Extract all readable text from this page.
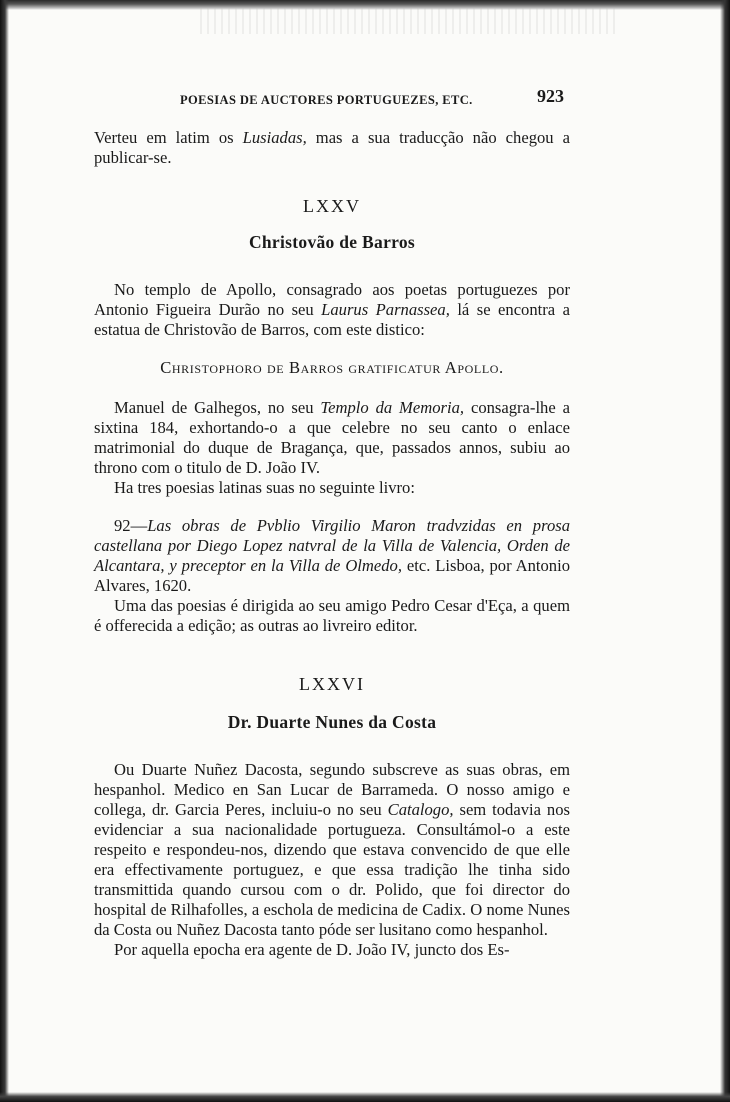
POESIAS DE AUCTORES PORTUGUEZES, ETC.	923

Verteu em latim os Lusiadas, mas a sua traducção não chegou a publicar-se.

LXXV
Christovão de Barros

No templo de Apollo, consagrado aos poetas portuguezes por Antonio Figueira Durão no seu Laurus Parnassea, lá se encontra a estatua de Christovão de Barros, com este distico:

Christophoro de Barros gratificatur Apollo.

Manuel de Galhegos, no seu Templo da Memoria, consagra-lhe a sixtina 184, exhortando-o a que celebre no seu canto o enlace matrimonial do duque de Bragança, que, passados annos, subiu ao throno com o titulo de D. João IV.

Ha tres poesias latinas suas no seguinte livro:

92—Las obras de Pvblio Virgilio Maron tradvzidas en prosa castellana por Diego Lopez natvral de la Villa de Valencia, Orden de Alcantara, y preceptor en la Villa de Olmedo, etc. Lisboa, por Antonio Alvares, 1620.

Uma das poesias é dirigida ao seu amigo Pedro Cesar d'Eça, a quem é offerecida a edição; as outras ao livreiro editor.

LXXVI
Dr. Duarte Nunes da Costa

Ou Duarte Nuñez Dacosta, segundo subscreve as suas obras, em hespanhol. Medico en San Lucar de Barrameda. O nosso amigo e collega, dr. Garcia Peres, incluiu-o no seu Catalogo, sem todavia nos evidenciar a sua nacionalidade portugueza. Consultámol-o a este respeito e respondeu-nos, dizendo que estava convencido de que elle era effectivamente portuguez, e que essa tradição lhe tinha sido transmittida quando cursou com o dr. Polido, que foi director do hospital de Rilhafolles, a eschola de medicina de Cadix. O nome Nunes da Costa ou Nuñez Dacosta tanto póde ser lusitano como hespanhol.

Por aquella epocha era agente de D. João IV, juncto dos Es-
